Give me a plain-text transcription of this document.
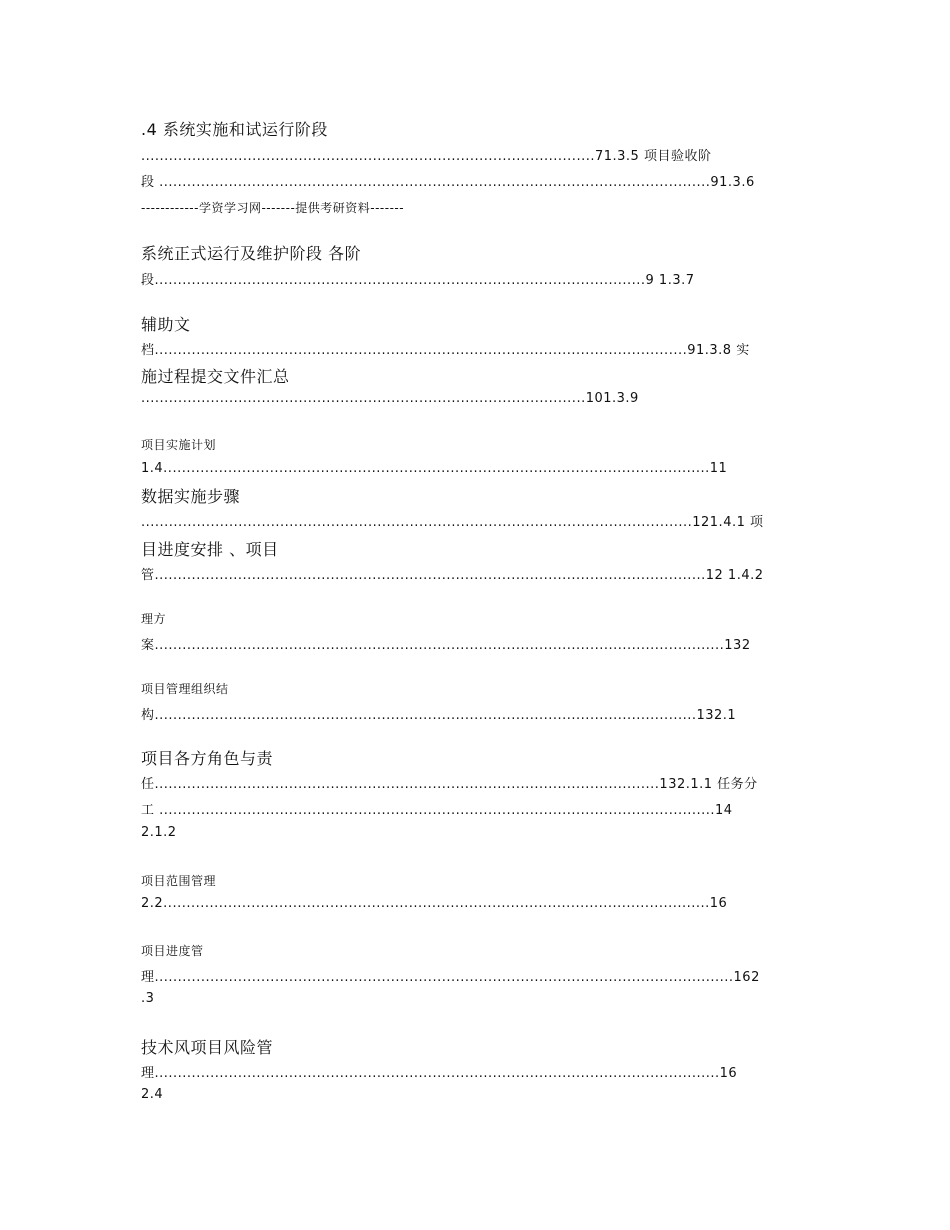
.4 系统实施和试运行阶段
..................................................................................................71.3.5 项目验收阶
段 .......................................................................................................................91.3.6
------------学资学习网-------提供考研资料-------
系统正式运行及维护阶段 各阶
段..........................................................................................................9 1.3.7
辅助文
档...................................................................................................................91.3.8 实
施过程提交文件汇总
................................................................................................101.3.9
项目实施计划
1.4......................................................................................................................11
数据实施步骤
.......................................................................................................................121.4.1 项
目进度安排 、项目
管.......................................................................................................................12 1.4.2
理方
案...........................................................................................................................132
项目管理组织结
构.....................................................................................................................132.1
项目各方角色与责
任.............................................................................................................132.1.1 任务分
工 ........................................................................................................................14
2.1.2
项目范围管理
2.2......................................................................................................................16
项目进度管
理.............................................................................................................................162
.3
技术风项目风险管
理..........................................................................................................................16
2.4
